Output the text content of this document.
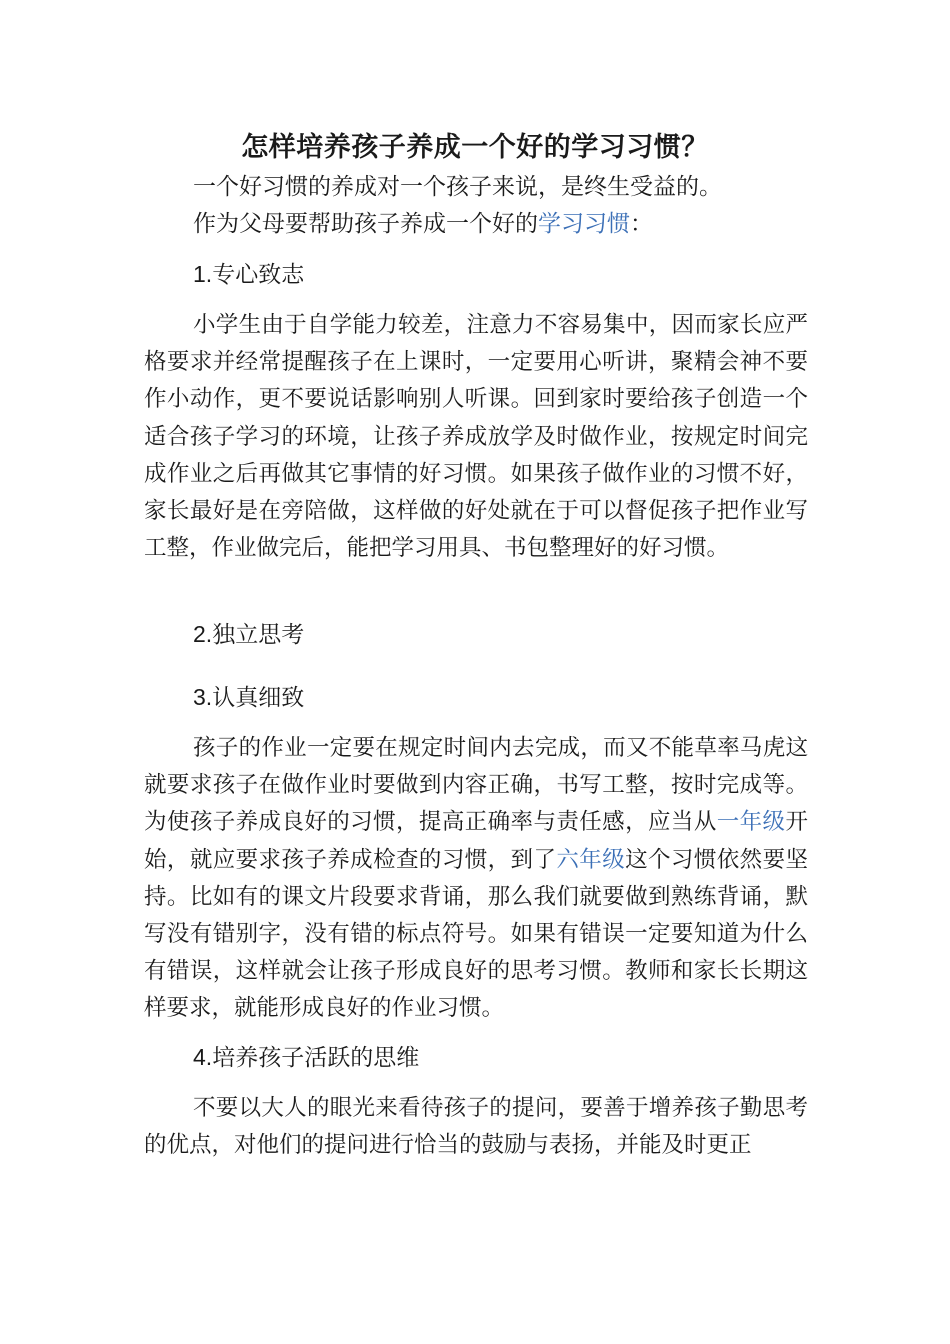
怎样培养孩子养成一个好的学习习惯？
一个好习惯的养成对一个孩子来说，是终生受益的。
作为父母要帮助孩子养成一个好的学习习惯：
1.专心致志

小学生由于自学能力较差，注意力不容易集中，因而家长应严格要求并经常提醒孩子在上课时，一定要用心听讲，聚精会神不要作小动作，更不要说话影响别人听课。回到家时要给孩子创造一个适合孩子学习的环境，让孩子养成放学及时做作业，按规定时间完成作业之后再做其它事情的好习惯。如果孩子做作业的习惯不好，家长最好是在旁陪做，这样做的好处就在于可以督促孩子把作业写工整，作业做完后，能把学习用具、书包整理好的好习惯。

2.独立思考
3.认真细致

孩子的作业一定要在规定时间内去完成，而又不能草率马虎这就要求孩子在做作业时要做到内容正确，书写工整，按时完成等。为使孩子养成良好的习惯，提高正确率与责任感，应当从一年级开始，就应要求孩子养成检查的习惯，到了六年级这个习惯依然要坚持。比如有的课文片段要求背诵，那么我们就要做到熟练背诵，默写没有错别字，没有错的标点符号。如果有错误一定要知道为什么有错误，这样就会让孩子形成良好的思考习惯。教师和家长长期这样要求，就能形成良好的作业习惯。

4.培养孩子活跃的思维

不要以大人的眼光来看待孩子的提问，要善于增养孩子勤思考的优点，对他们的提问进行恰当的鼓励与表扬，并能及时更正
